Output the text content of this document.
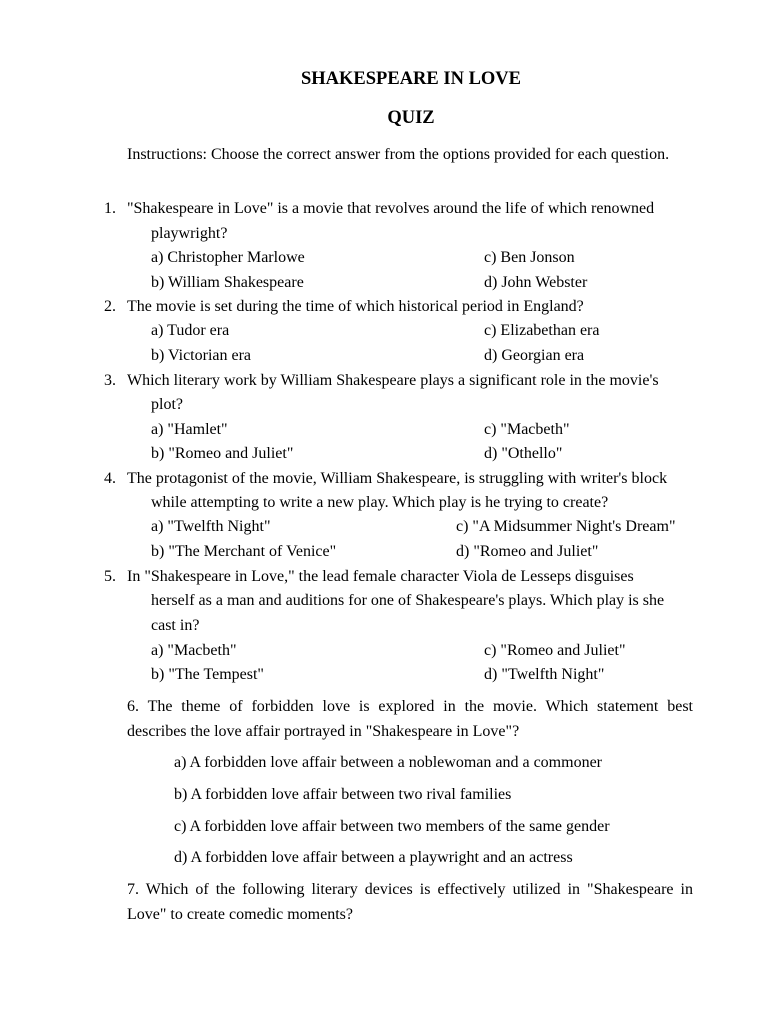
SHAKESPEARE IN LOVE
QUIZ
Instructions: Choose the correct answer from the options provided for each question.
1. "Shakespeare in Love" is a movie that revolves around the life of which renowned
playwright?
a) Christopher Marlowe	c) Ben Jonson
b) William Shakespeare	d) John Webster
2. The movie is set during the time of which historical period in England?
a) Tudor era	c) Elizabethan era
b) Victorian era	d) Georgian era
3. Which literary work by William Shakespeare plays a significant role in the movie's
plot?
a) "Hamlet"	c) "Macbeth"
b) "Romeo and Juliet"	d) "Othello"
4. The protagonist of the movie, William Shakespeare, is struggling with writer's block
while attempting to write a new play. Which play is he trying to create?
a) "Twelfth Night"	c) "A Midsummer Night's Dream"
b) "The Merchant of Venice"	d) "Romeo and Juliet"
5. In "Shakespeare in Love," the lead female character Viola de Lesseps disguises
herself as a man and auditions for one of Shakespeare's plays. Which play is she
cast in?
a) "Macbeth"	c) "Romeo and Juliet"
b) "The Tempest"	d) "Twelfth Night"
6. The theme of forbidden love is explored in the movie. Which statement best describes the love affair portrayed in "Shakespeare in Love"?
a) A forbidden love affair between a noblewoman and a commoner
b) A forbidden love affair between two rival families
c) A forbidden love affair between two members of the same gender
d) A forbidden love affair between a playwright and an actress
7. Which of the following literary devices is effectively utilized in "Shakespeare in Love" to create comedic moments?
